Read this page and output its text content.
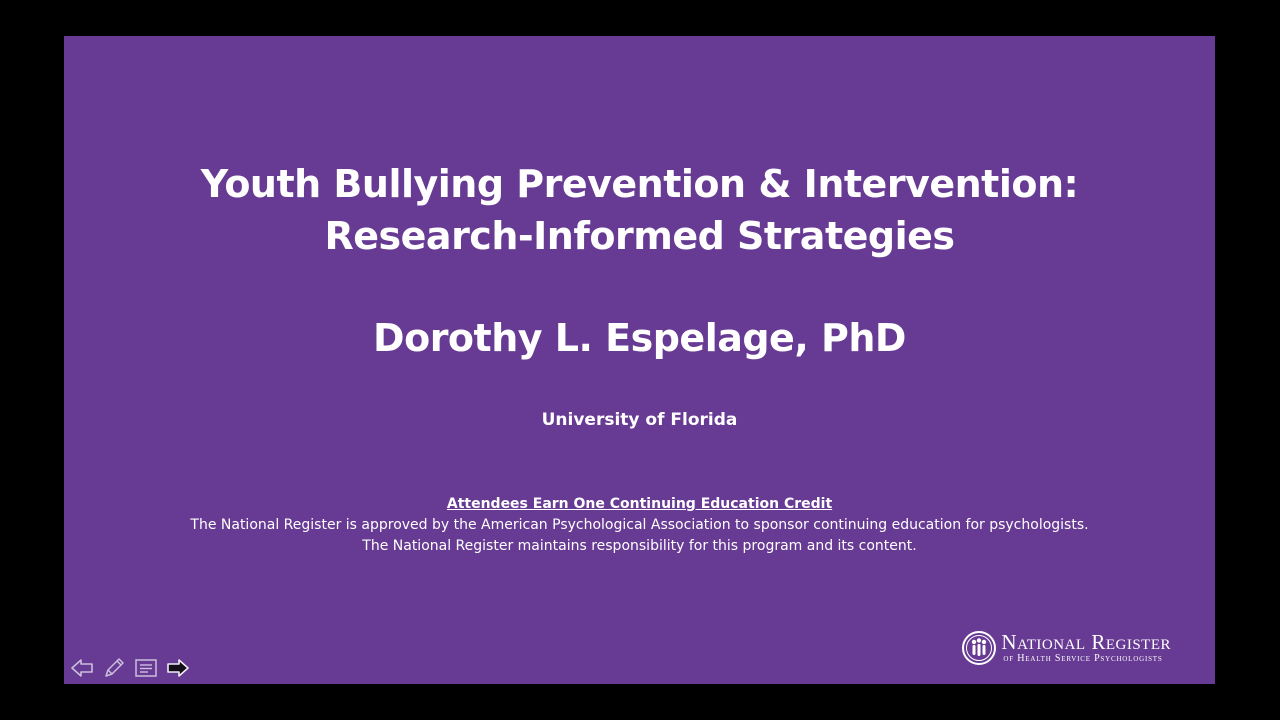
Youth Bullying Prevention & Intervention:
Research-Informed Strategies
Dorothy L. Espelage, PhD
University of Florida
Attendees Earn One Continuing Education Credit
The National Register is approved by the American Psychological Association to sponsor continuing education for psychologists.
The National Register maintains responsibility for this program and its content.
National Register
of Health Service Psychologists
